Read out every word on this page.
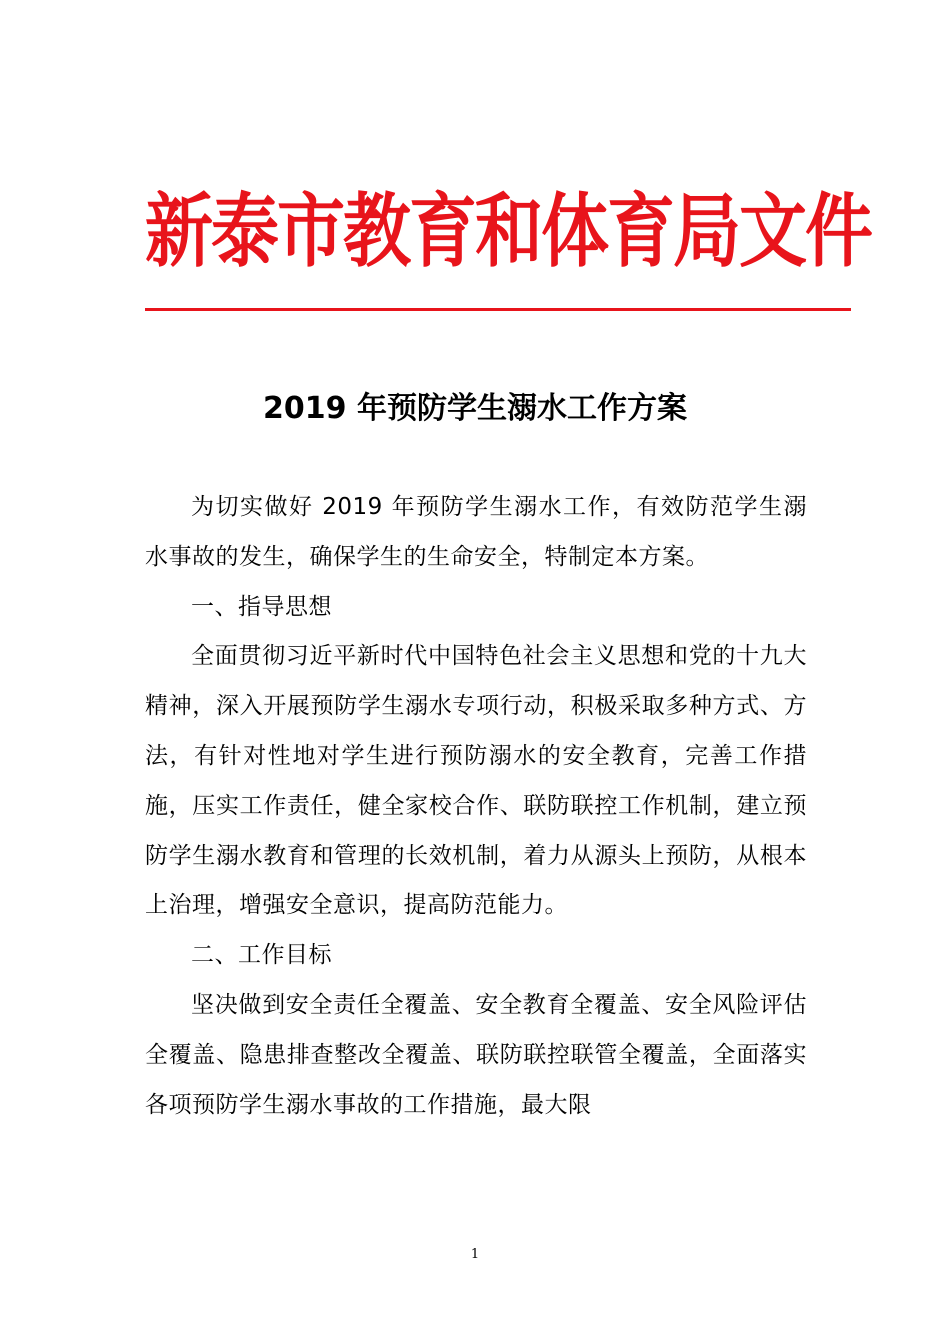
新泰市教育和体育局文件
2019 年预防学生溺水工作方案

为切实做好 2019 年预防学生溺水工作，有效防范学生溺水事故的发生，确保学生的生命安全，特制定本方案。

一、指导思想

全面贯彻习近平新时代中国特色社会主义思想和党的十九大精神，深入开展预防学生溺水专项行动，积极采取多种方式、方法，有针对性地对学生进行预防溺水的安全教育，完善工作措施，压实工作责任，健全家校合作、联防联控工作机制，建立预防学生溺水教育和管理的长效机制，着力从源头上预防，从根本上治理，增强安全意识，提高防范能力。

二、工作目标

坚决做到安全责任全覆盖、安全教育全覆盖、安全风险评估全覆盖、隐患排查整改全覆盖、联防联控联管全覆盖，全面落实各项预防学生溺水事故的工作措施，最大限

1
